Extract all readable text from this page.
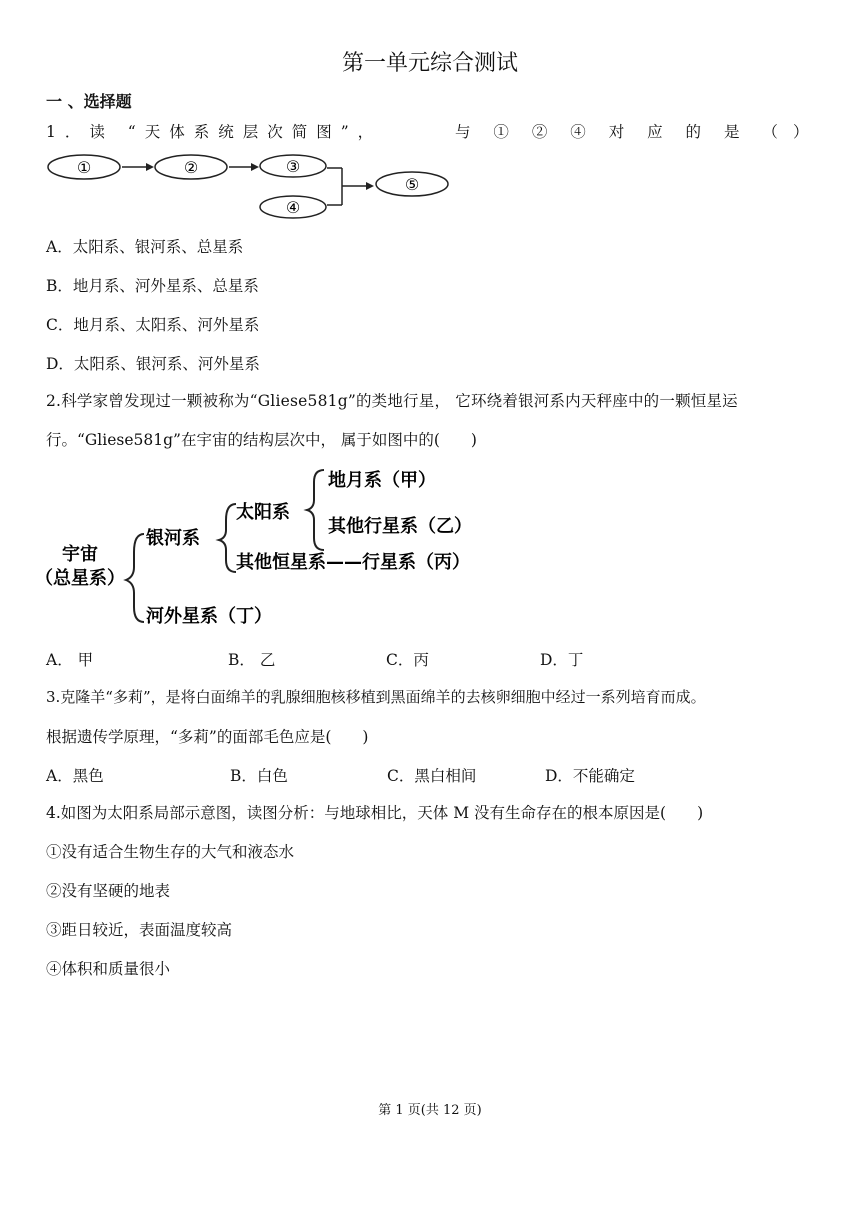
第一单元综合测试
一 、选择题
1．读 “天体系统层次简图”，	与 ① ② ④ 对 应 的 是 （ ）
①	②	③
④
⑤
A．太阳系、银河系、总星系
B．地月系、河外星系、总星系
C．地月系、太阳系、河外星系
D．太阳系、银河系、河外星系
2.科学家曾发现过一颗被称为“Gliese581g”的类地行星， 它环绕着银河系内天秤座中的一颗恒星运
行。“Gliese581g”在宇宙的结构层次中， 属于如图中的(　　)
宇宙
（总星系）
银河系
太阳系
地月系（甲）
其他行星系（乙）
其他恒星系——行星系（丙）
河外星系（丁）
A． 甲	B． 乙	C．丙	D．丁
3.克隆羊“多莉”，是将白面绵羊的乳腺细胞核移植到黑面绵羊的去核卵细胞中经过一系列培育而成。
根据遗传学原理，“多莉”的面部毛色应是(　　)
A．黑色	B．白色	C．黑白相间	D．不能确定
4.如图为太阳系局部示意图，读图分析：与地球相比，天体 M 没有生命存在的根本原因是(　　)
①没有适合生物生存的大气和液态水
②没有坚硬的地表
③距日较近，表面温度较高
④体积和质量很小
第 1 页(共 12 页)
